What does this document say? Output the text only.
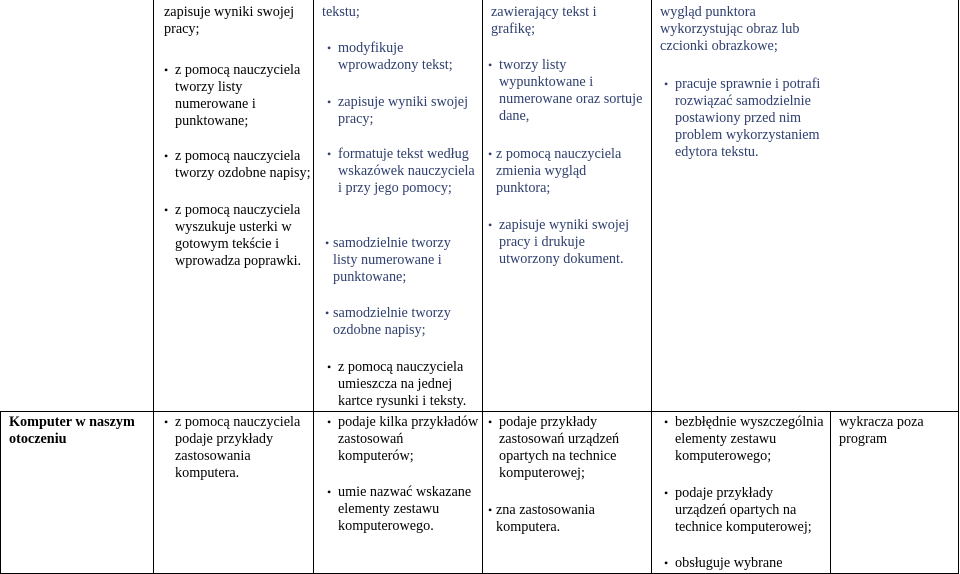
zapisuje wyniki swojej pracy;

• z pomocą nauczyciela tworzy listy numerowane i punktowane;
• z pomocą nauczyciela tworzy ozdobne napisy;
• z pomocą nauczyciela wyszukuje usterki w gotowym tekście i wprowadza poprawki.

tekstu;

• modyfikuje wprowadzony tekst;
• zapisuje wyniki swojej pracy;
• formatuje tekst według wskazówek nauczyciela i przy jego pomocy;
• samodzielnie tworzy listy numerowane i punktowane;
• samodzielnie tworzy ozdobne napisy;
• z pomocą nauczyciela umieszcza na jednej kartce rysunki i teksty.

zawierający tekst i grafikę;

• tworzy listy wypunktowane i numerowane oraz sortuje dane,
• z pomocą nauczyciela zmienia wygląd punktora;
• zapisuje wyniki swojej pracy i drukuje utworzony dokument.

wygląd punktora wykorzystując obraz lub czcionki obrazkowe;

• pracuje sprawnie i potrafi rozwiązać samodzielnie postawiony przed nim problem wykorzystaniem edytora tekstu.

Komputer w naszym otoczeniu

• z pomocą nauczyciela podaje przykłady zastosowania komputera.
• podaje kilka przykładów zastosowań komputerów;
• umie nazwać wskazane elementy zestawu komputerowego.
• podaje przykłady zastosowań urządzeń opartych na technice komputerowej;
• zna zastosowania komputera.
• bezbłędnie wyszczególnia elementy zestawu komputerowego;
• podaje przykłady urządzeń opartych na technice komputerowej;
• obsługuje wybrane

wykracza poza program
